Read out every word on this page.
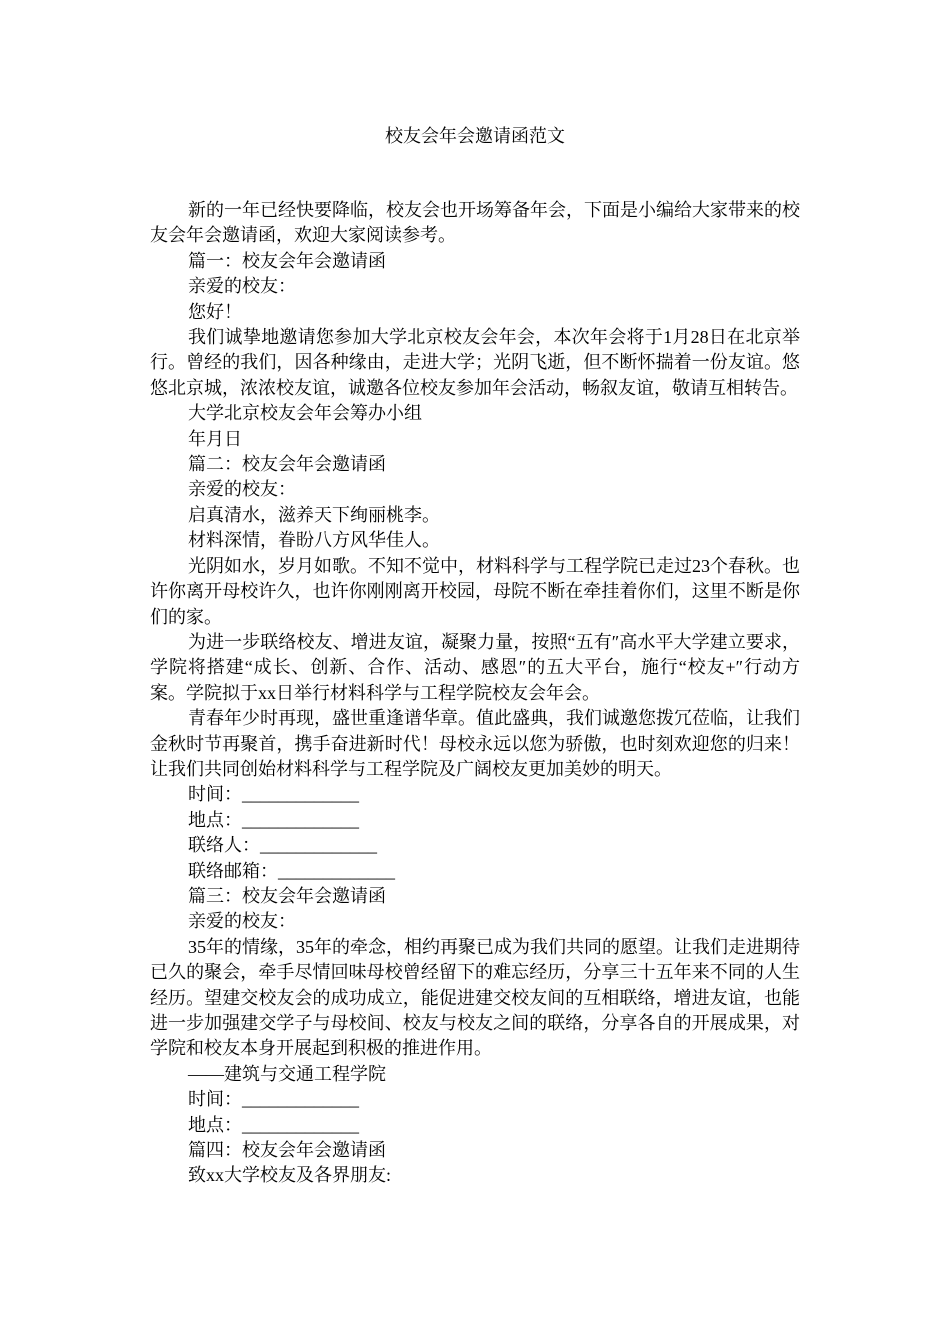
校友会年会邀请函范文

新的一年已经快要降临，校友会也开场筹备年会，下面是小编给大家带来的校友会年会邀请函，欢迎大家阅读参考。

篇一：校友会年会邀请函

亲爱的校友：

您好！

我们诚挚地邀请您参加大学北京校友会年会，本次年会将于1月28日在北京举行。曾经的我们，因各种缘由，走进大学；光阴飞逝，但不断怀揣着一份友谊。悠悠北京城，浓浓校友谊，诚邀各位校友参加年会活动，畅叙友谊，敬请互相转告。

大学北京校友会年会筹办小组

年月日

篇二：校友会年会邀请函

亲爱的校友：

启真清水，滋养天下绚丽桃李。

材料深情，眷盼八方风华佳人。

光阴如水，岁月如歌。不知不觉中，材料科学与工程学院已走过23个春秋。也许你离开母校许久，也许你刚刚离开校园，母院不断在牵挂着你们，这里不断是你们的家。

为进一步联络校友、增进友谊，凝聚力量，按照“五有″高水平大学建立要求，学院将搭建“成长、创新、合作、活动、感恩″的五大平台，施行“校友+″行动方案。学院拟于xx日举行材料科学与工程学院校友会年会。

青春年少时再现，盛世重逢谱华章。值此盛典，我们诚邀您拨冗莅临，让我们金秋时节再聚首，携手奋进新时代！母校永远以您为骄傲，也时刻欢迎您的归来！让我们共同创始材料科学与工程学院及广阔校友更加美妙的明天。

时间：_____________

地点：_____________

联络人：_____________

联络邮箱：_____________

篇三：校友会年会邀请函

亲爱的校友：

35年的情缘，35年的牵念，相约再聚已成为我们共同的愿望。让我们走进期待已久的聚会，牵手尽情回味母校曾经留下的难忘经历，分享三十五年来不同的人生经历。望建交校友会的成功成立，能促进建交校友间的互相联络，增进友谊，也能进一步加强建交学子与母校间、校友与校友之间的联络，分享各自的开展成果，对学院和校友本身开展起到积极的推进作用。

——建筑与交通工程学院

时间：_____________

地点：_____________

篇四：校友会年会邀请函

致xx大学校友及各界朋友:
